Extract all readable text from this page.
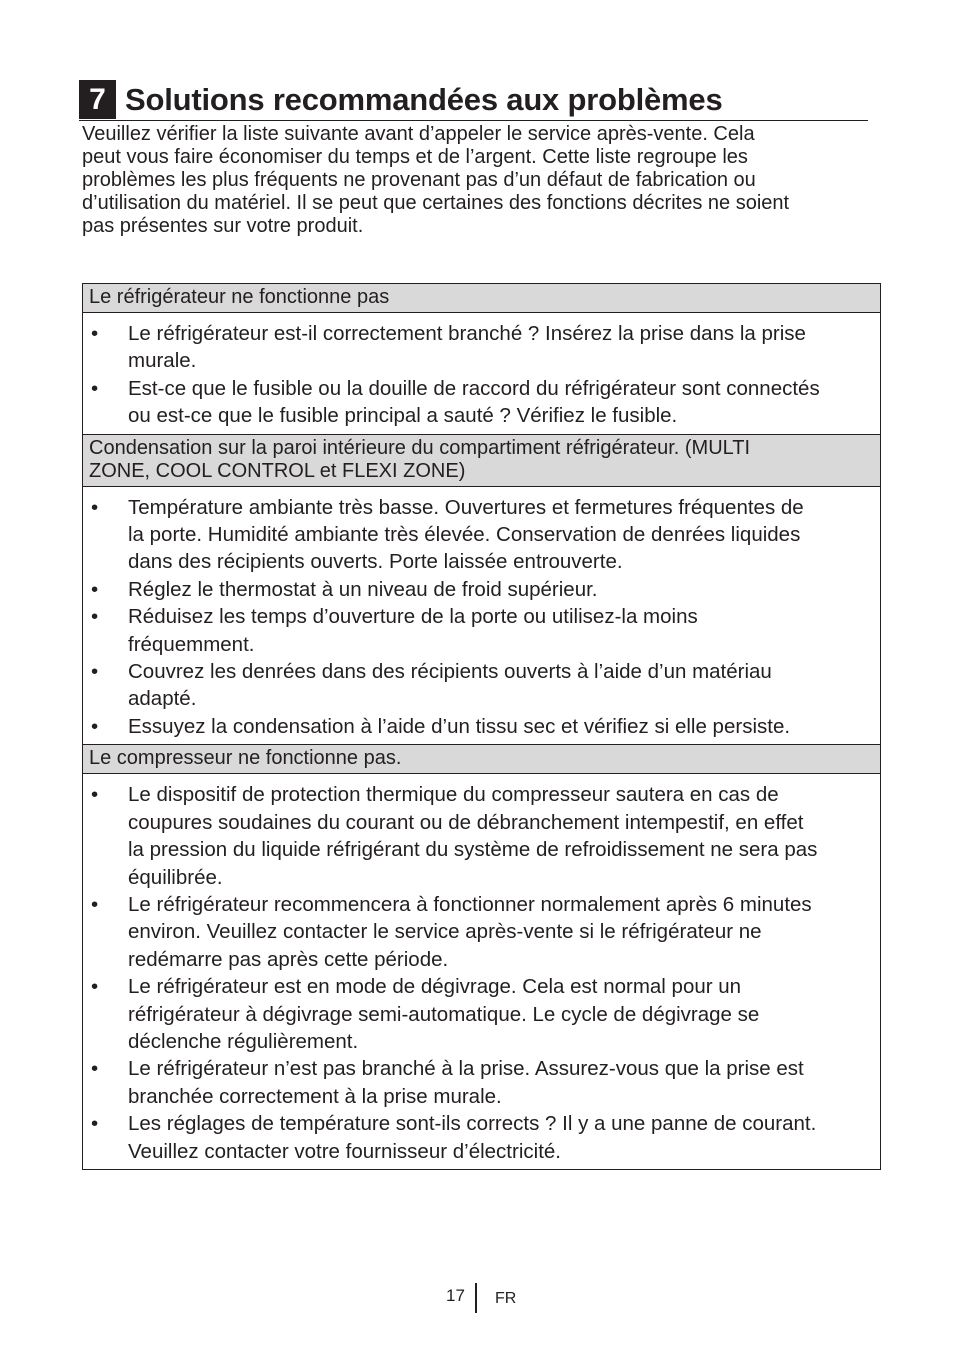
7 Solutions recommandées aux problèmes

Veuillez vérifier la liste suivante avant d’appeler le service après-vente. Cela
peut vous faire économiser du temps et de l’argent. Cette liste regroupe les
problèmes les plus fréquents ne provenant pas d’un défaut de fabrication ou
d’utilisation du matériel. Il se peut que certaines des fonctions décrites ne soient
pas présentes sur votre produit.

Le réfrigérateur ne fonctionne pas
• Le réfrigérateur est-il correctement branché ? Insérez la prise dans la prise
murale.
• Est-ce que le fusible ou la douille de raccord du réfrigérateur sont connectés
ou est-ce que le fusible principal a sauté ? Vérifiez le fusible.
Condensation sur la paroi intérieure du compartiment réfrigérateur. (MULTI
ZONE, COOL CONTROL et FLEXI ZONE)
• Température ambiante très basse. Ouvertures et fermetures fréquentes de
la porte. Humidité ambiante très élevée. Conservation de denrées liquides
dans des récipients ouverts. Porte laissée entrouverte.
• Réglez le thermostat à un niveau de froid supérieur.
• Réduisez les temps d’ouverture de la porte ou utilisez-la moins
fréquemment.
• Couvrez les denrées dans des récipients ouverts à l’aide d’un matériau
adapté.
• Essuyez la condensation à l’aide d’un tissu sec et vérifiez si elle persiste.
Le compresseur ne fonctionne pas.
• Le dispositif de protection thermique du compresseur sautera en cas de
coupures soudaines du courant ou de débranchement intempestif, en effet
la pression du liquide réfrigérant du système de refroidissement ne sera pas
équilibrée.
• Le réfrigérateur recommencera à fonctionner normalement après 6 minutes
environ. Veuillez contacter le service après-vente si le réfrigérateur ne
redémarre pas après cette période.
• Le réfrigérateur est en mode de dégivrage. Cela est normal pour un
réfrigérateur à dégivrage semi-automatique. Le cycle de dégivrage se
déclenche régulièrement.
• Le réfrigérateur n’est pas branché à la prise. Assurez-vous que la prise est
branchée correctement à la prise murale.
• Les réglages de température sont-ils corrects ? Il y a une panne de courant.
Veuillez contacter votre fournisseur d’électricité.
17 FR
